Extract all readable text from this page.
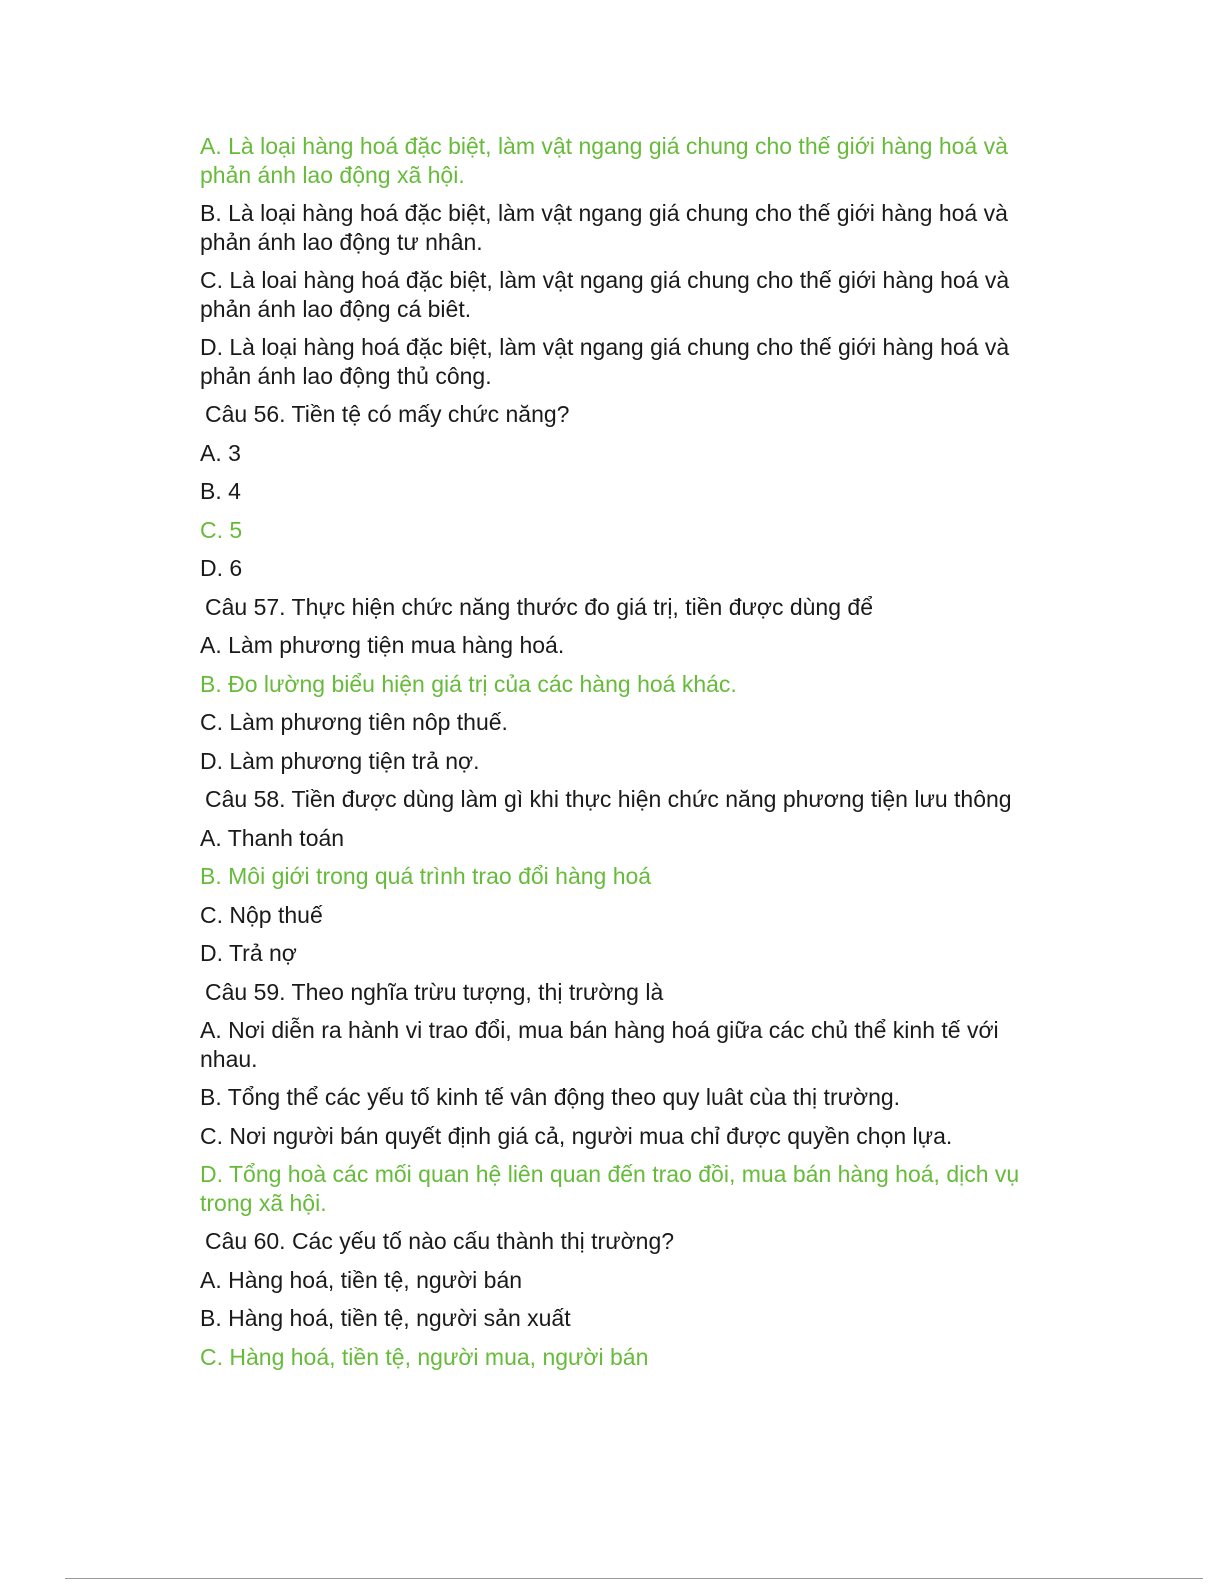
A. Là loại hàng hoá đặc biệt, làm vật ngang giá chung cho thế giới hàng hoá và phản ánh lao động xã hội.

B. Là loại hàng hoá đặc biệt, làm vật ngang giá chung cho thế giới hàng hoá và phản ánh lao động tư nhân.

C. Là loai hàng hoá đặc biệt, làm vật ngang giá chung cho thế giới hàng hoá và phản ánh lao động cá biêt.

D. Là loại hàng hoá đặc biệt, làm vật ngang giá chung cho thế giới hàng hoá và phản ánh lao động thủ công.

Câu 56. Tiền tệ có mấy chức năng?

A. 3

B. 4

C. 5

D. 6

Câu 57. Thực hiện chức năng thước đo giá trị, tiền được dùng để

A. Làm phương tiện mua hàng hoá.

B. Đo lường biểu hiện giá trị của các hàng hoá khác.

C. Làm phương tiên nôp thuế.

D. Làm phương tiện trả nợ.

Câu 58. Tiền được dùng làm gì khi thực hiện chức năng phương tiện lưu thông

A. Thanh toán

B. Môi giới trong quá trình trao đổi hàng hoá

C. Nộp thuế

D. Trả nợ

Câu 59. Theo nghĩa trừu tượng, thị trường là

A. Nơi diễn ra hành vi trao đổi, mua bán hàng hoá giữa các chủ thể kinh tế với nhau.

B. Tổng thể các yếu tố kinh tế vân động theo quy luât cùa thị trường.

C. Nơi người bán quyết định giá cả, người mua chỉ được quyền chọn lựa.

D. Tổng hoà các mối quan hệ liên quan đến trao đồi, mua bán hàng hoá, dịch vụ trong xã hội.

Câu 60. Các yếu tố nào cấu thành thị trường?

A. Hàng hoá, tiền tệ, người bán

B. Hàng hoá, tiền tệ, người sản xuất

C. Hàng hoá, tiền tệ, người mua, người bán
